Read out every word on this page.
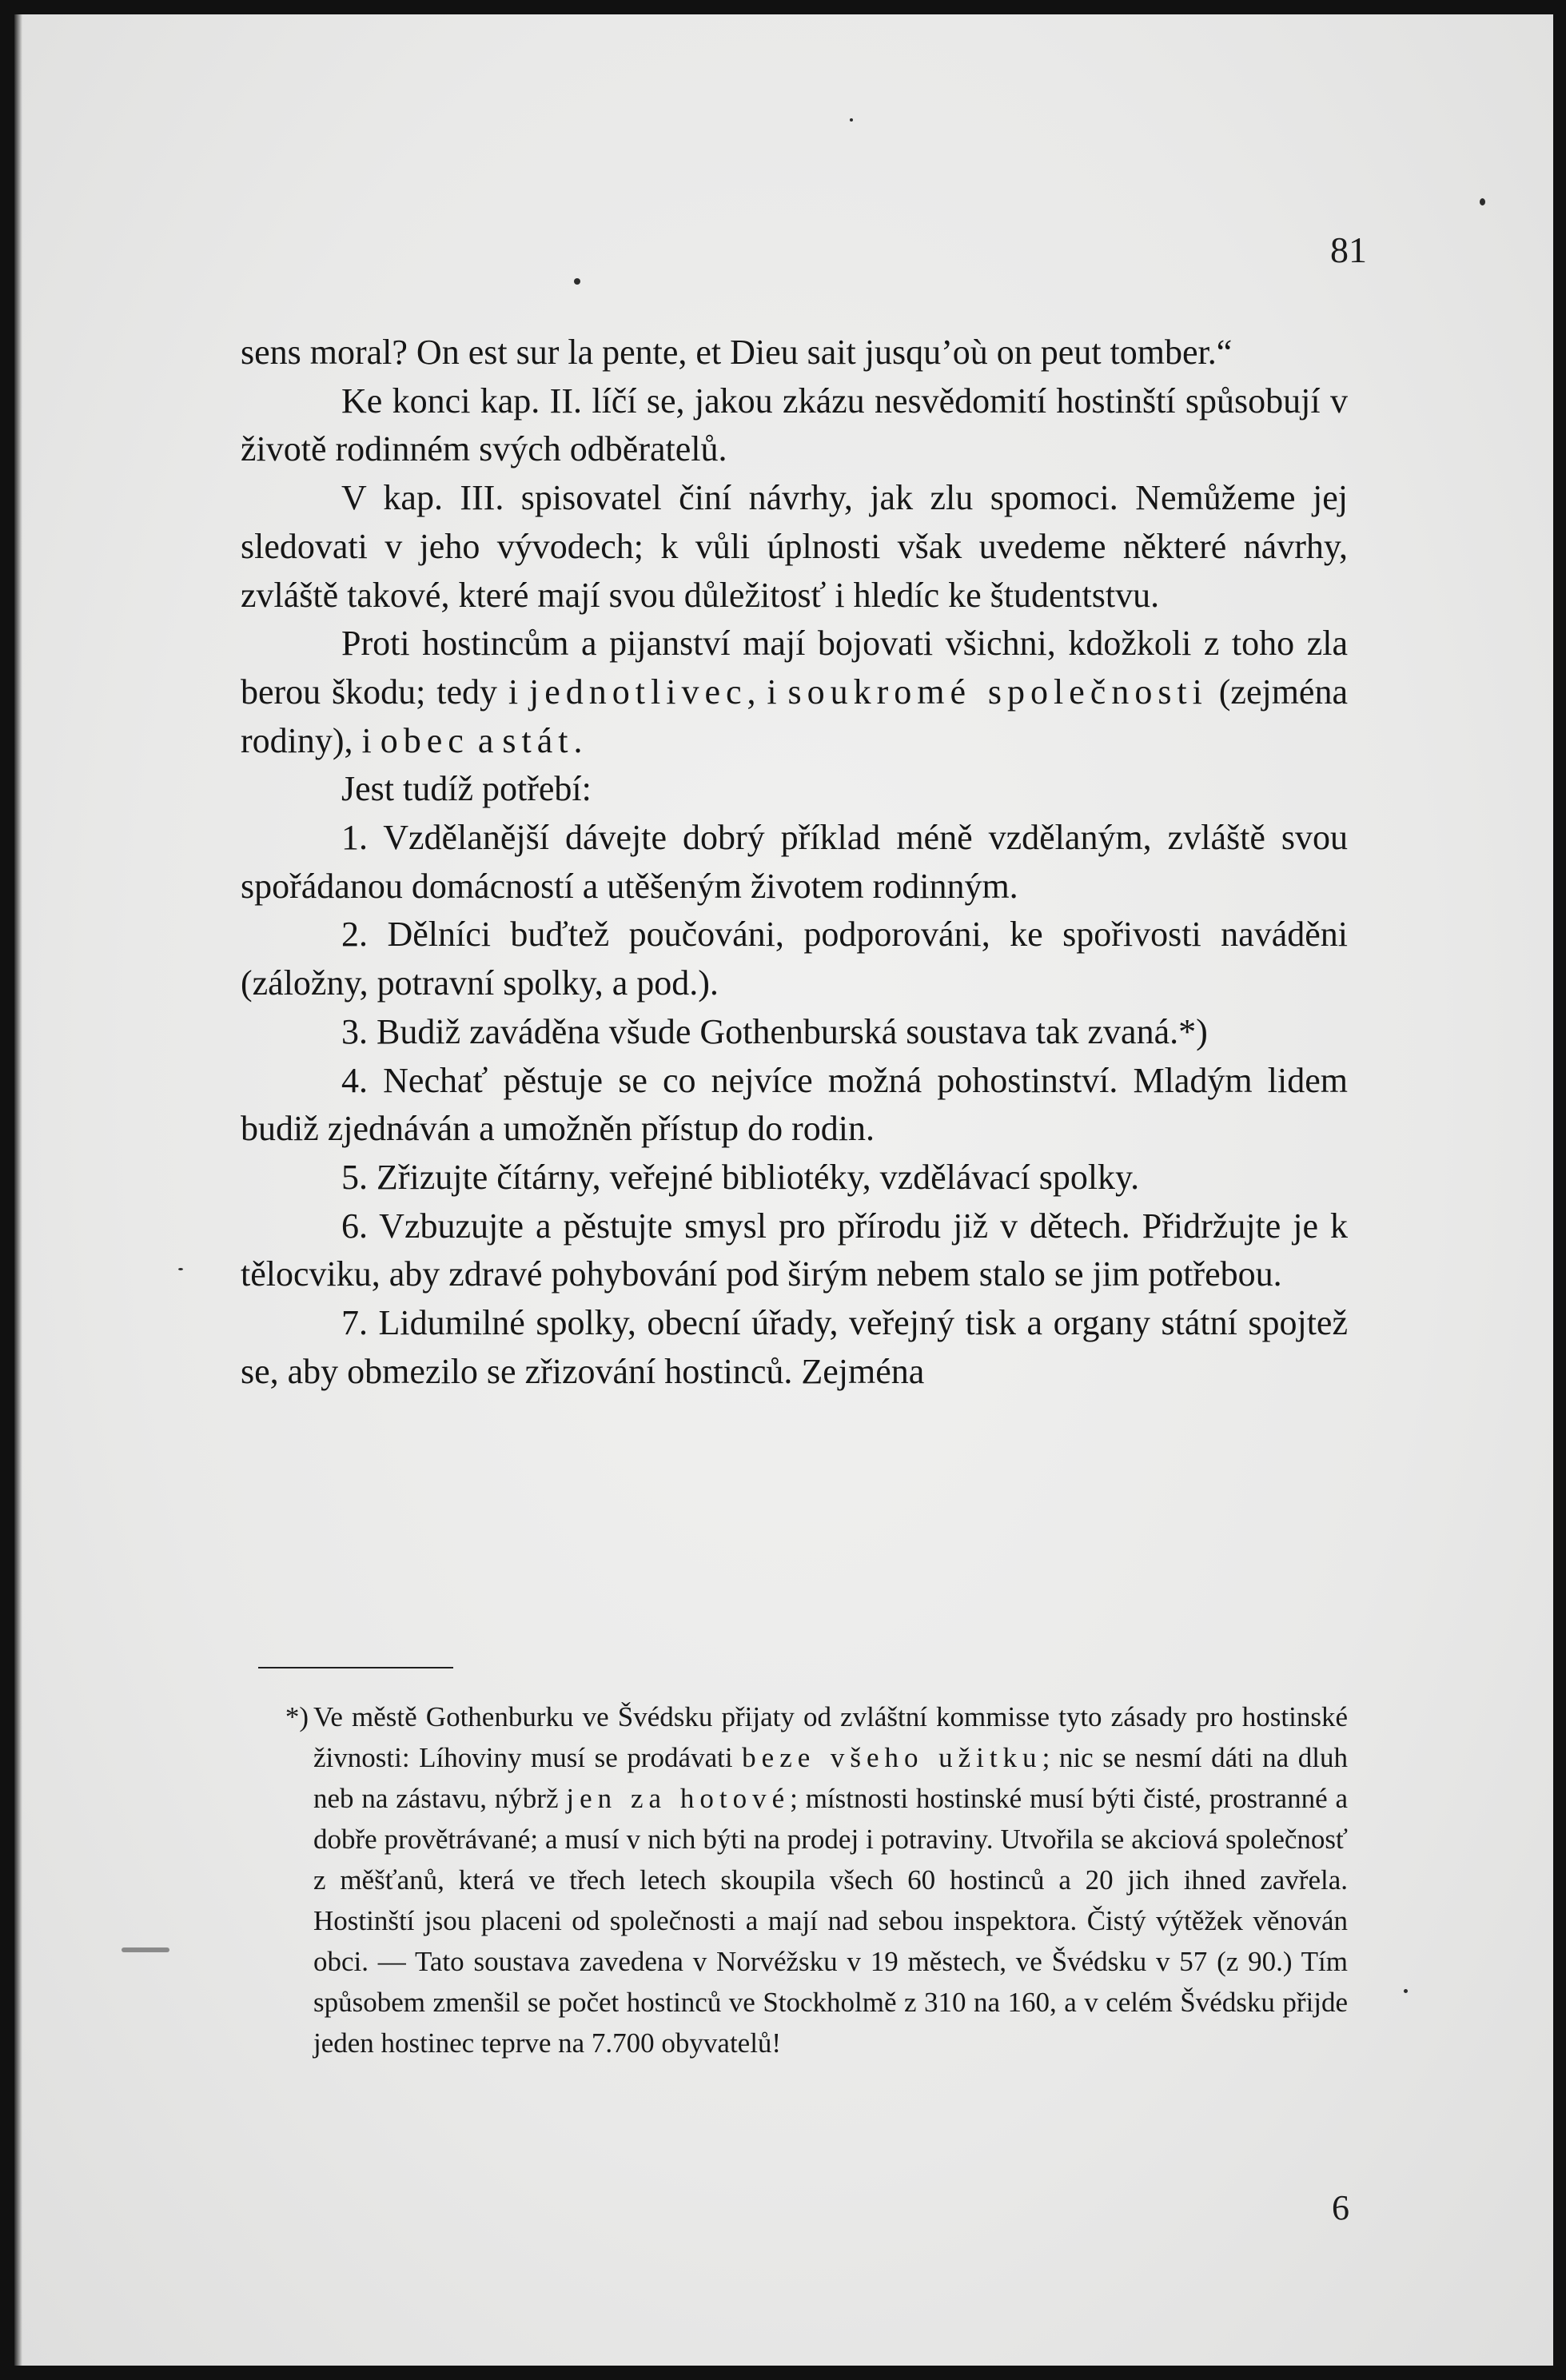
81

sens moral? On est sur la pente, et Dieu sait jusqu’où on peut tomber.“

Ke konci kap. II. líčí se, jakou zkázu nesvědomití hostinští spůsobují v životě rodinném svých odběratelů.

V kap. III. spisovatel činí návrhy, jak zlu spomoci. Nemůžeme jej sledovati v jeho vývodech; k vůli úplnosti však uvedeme některé návrhy, zvláště takové, které mají svou důležitosť i hledíc ke študentstvu.

Proti hostincům a pijanství mají bojovati všichni, kdožkoli z toho zla berou škodu; tedy i jednotlivec, i soukromé společnosti (zejména rodiny), i obec a stát.

Jest tudíž potřebí:

1. Vzdělanější dávejte dobrý příklad méně vzdělaným, zvláště svou spořádanou domácností a utěšeným životem rodinným.

2. Dělníci buďtež poučováni, podporováni, ke spořivosti naváděni (záložny, potravní spolky, a pod.).

3. Budiž zaváděna všude Gothenburská soustava tak zvaná.*)

4. Nechať pěstuje se co nejvíce možná pohostinství. Mladým lidem budiž zjednáván a umožněn přístup do rodin.

5. Zřizujte čítárny, veřejné bibliotéky, vzdělávací spolky.

6. Vzbuzujte a pěstujte smysl pro přírodu již v dětech. Přidržujte je k tělocviku, aby zdravé pohybování pod širým nebem stalo se jim potřebou.

7. Lidumilné spolky, obecní úřady, veřejný tisk a organy státní spojtež se, aby obmezilo se zřizování hostinců. Zejména

*) Ve městě Gothenburku ve Švédsku přijaty od zvláštní kommisse tyto zásady pro hostinské živnosti: Líhoviny musí se prodávati beze všeho užitku; nic se nesmí dáti na dluh neb na zástavu, nýbrž jen za hotové; místnosti hostinské musí býti čisté, prostranné a dobře provětrávané; a musí v nich býti na prodej i potraviny. Utvořila se akciová společnosť z měšťanů, která ve třech letech skoupila všech 60 hostinců a 20 jich ihned zavřela. Hostinští jsou placeni od společnosti a mají nad sebou inspektora. Čistý výtěžek věnován obci. — Tato soustava zavedena v Norvéžsku v 19 městech, ve Švédsku v 57 (z 90.) Tím spůsobem zmenšil se počet hostinců ve Stockholmě z 310 na 160, a v celém Švédsku přijde jeden hostinec teprve na 7.700 obyvatelů!

6
